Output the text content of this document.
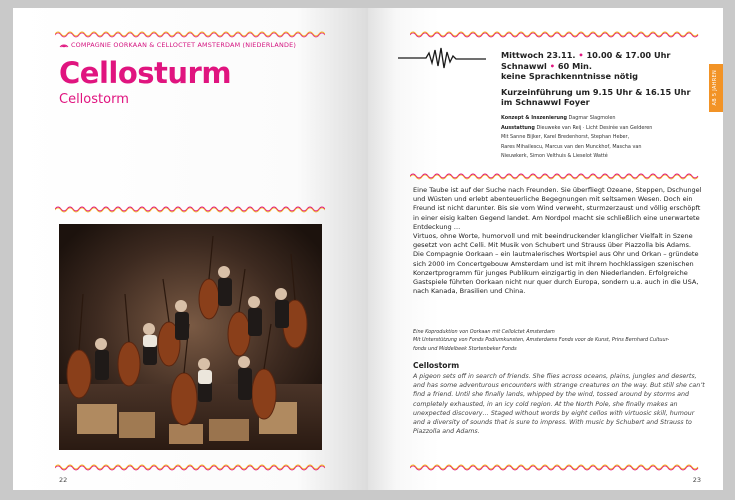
COMPAGNIE OORKAAN & CELLOCTET AMSTERDAM (NIEDERLANDE)
Cellosturm
Cellostorm
22
Mittwoch 23.11. • 10.00 & 17.00 Uhr
Schnawwl • 60 Min.
keine Sprachkenntnisse nötig
Kurzeinführung um 9.15 Uhr & 16.15 Uhr
im Schnawwl Foyer
Konzept & Inszenierung Dagmar Slagmolen
Ausstattung Dieuweke van Reij · Licht Desirée van Gelderen
Mit Sanne Bijker, Karel Bredenhorst, Stephan Heber,
Rares Mihailescu, Marcus van den Munckhof, Mascha van
Nieuwkerk, Simon Velthuis & Lieselot Watté
AB 5 JAHREN

Eine Taube ist auf der Suche nach Freunden. Sie überfliegt Ozeane, Steppen, Dschungel und Wüsten und erlebt abenteuerliche Begegnungen mit seltsamen Wesen. Doch ein Freund ist nicht darunter. Bis sie vom Wind verweht, sturmzerzaust und völlig erschöpft in einer eisig kalten Gegend landet. Am Nordpol macht sie schließlich eine unerwartete Entdeckung …

Virtuos, ohne Worte, humorvoll und mit beeindruckender klanglicher Vielfalt in Szene gesetzt von acht Celli. Mit Musik von Schubert und Strauss über Piazzolla bis Adams.

Die Compagnie Oorkaan – ein lautmalerisches Wortspiel aus Ohr und Orkan – gründete sich 2000 im Concertgebouw Amsterdam und ist mit ihrem hochklassigen szenischen Konzertprogramm für junges Publikum einzigartig in den Niederlanden. Erfolgreiche Gastspiele führten Oorkaan nicht nur quer durch Europa, sondern u.a. auch in die USA, nach Kanada, Brasilien und China.

Eine Koproduktion von Oorkaan mit Cellolctet Amsterdam
Mit Unterstützung von Fonds Podiumkunsten, Amsterdams Fonds voor de Kunst, Prins Bernhard Cultuur-
fonds und Middelbeek Stortenbeker Fonds
Cellostorm
A pigeon sets off in search of friends. She flies across oceans, plains, jungles and deserts, and has some adventurous encounters with strange creatures on the way. But still she can’t find a friend. Until she finally lands, whipped by the wind, tossed around by storms and completely exhausted, in an icy cold region. At the North Pole, she finally makes an unexpected discovery… Staged without words by eight cellos with virtuosic skill, humour and a diversity of sounds that is sure to impress. With music by Schubert and Strauss to Piazzolla and Adams.
23
